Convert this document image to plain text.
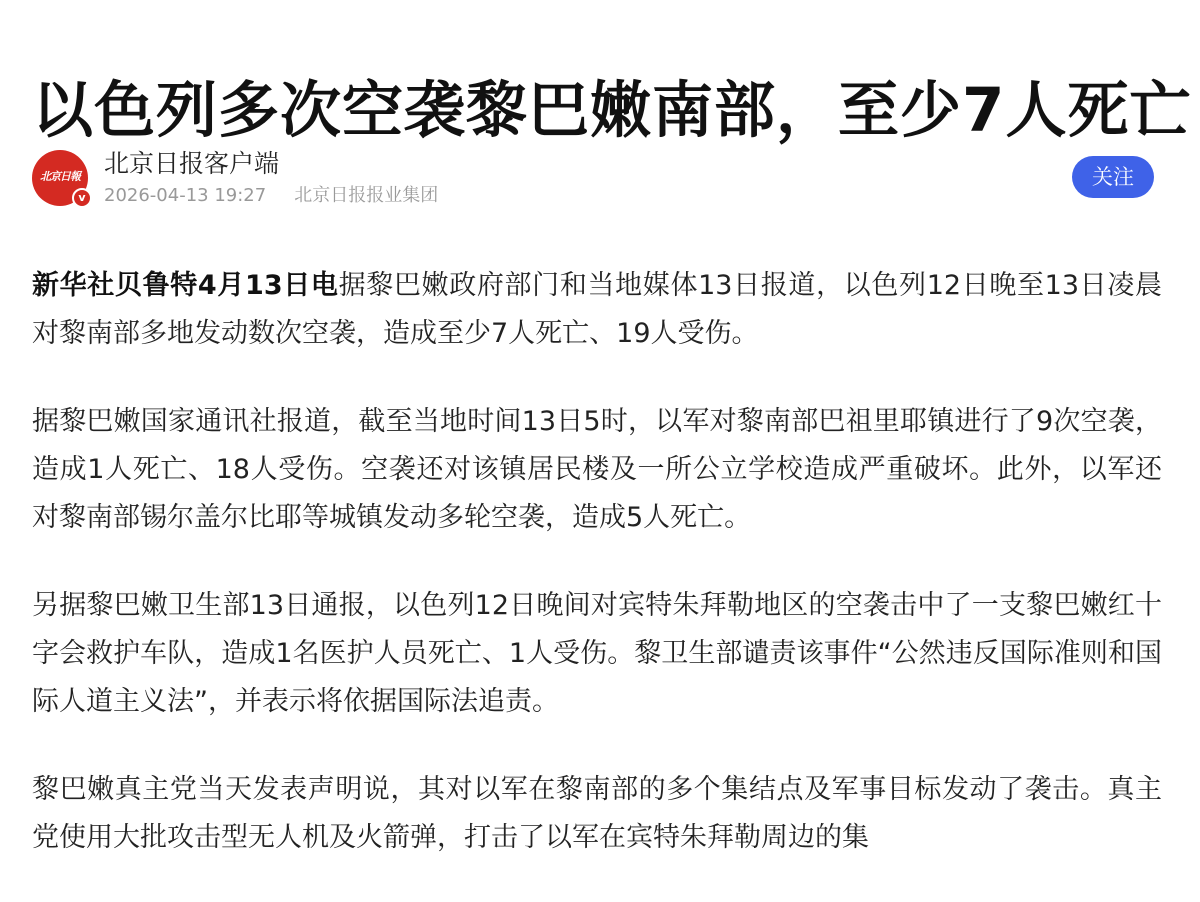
以色列多次空袭黎巴嫩南部，至少7人死亡
北京日報
v
北京日报客户端
2026-04-13 19:27 北京日报报业集团
关注

新华社贝鲁特4月13日电据黎巴嫩政府部门和当地媒体13日报道，以色列12日晚至13日凌晨对黎南部多地发动数次空袭，造成至少7人死亡、19人受伤。

据黎巴嫩国家通讯社报道，截至当地时间13日5时，以军对黎南部巴祖里耶镇进行了9次空袭，造成1人死亡、18人受伤。空袭还对该镇居民楼及一所公立学校造成严重破坏。此外，以军还对黎南部锡尔盖尔比耶等城镇发动多轮空袭，造成5人死亡。

另据黎巴嫩卫生部13日通报，以色列12日晚间对宾特朱拜勒地区的空袭击中了一支黎巴嫩红十字会救护车队，造成1名医护人员死亡、1人受伤。黎卫生部谴责该事件“公然违反国际准则和国际人道主义法”，并表示将依据国际法追责。

黎巴嫩真主党当天发表声明说，其对以军在黎南部的多个集结点及军事目标发动了袭击。真主党使用大批攻击型无人机及火箭弹，打击了以军在宾特朱拜勒周边的集
